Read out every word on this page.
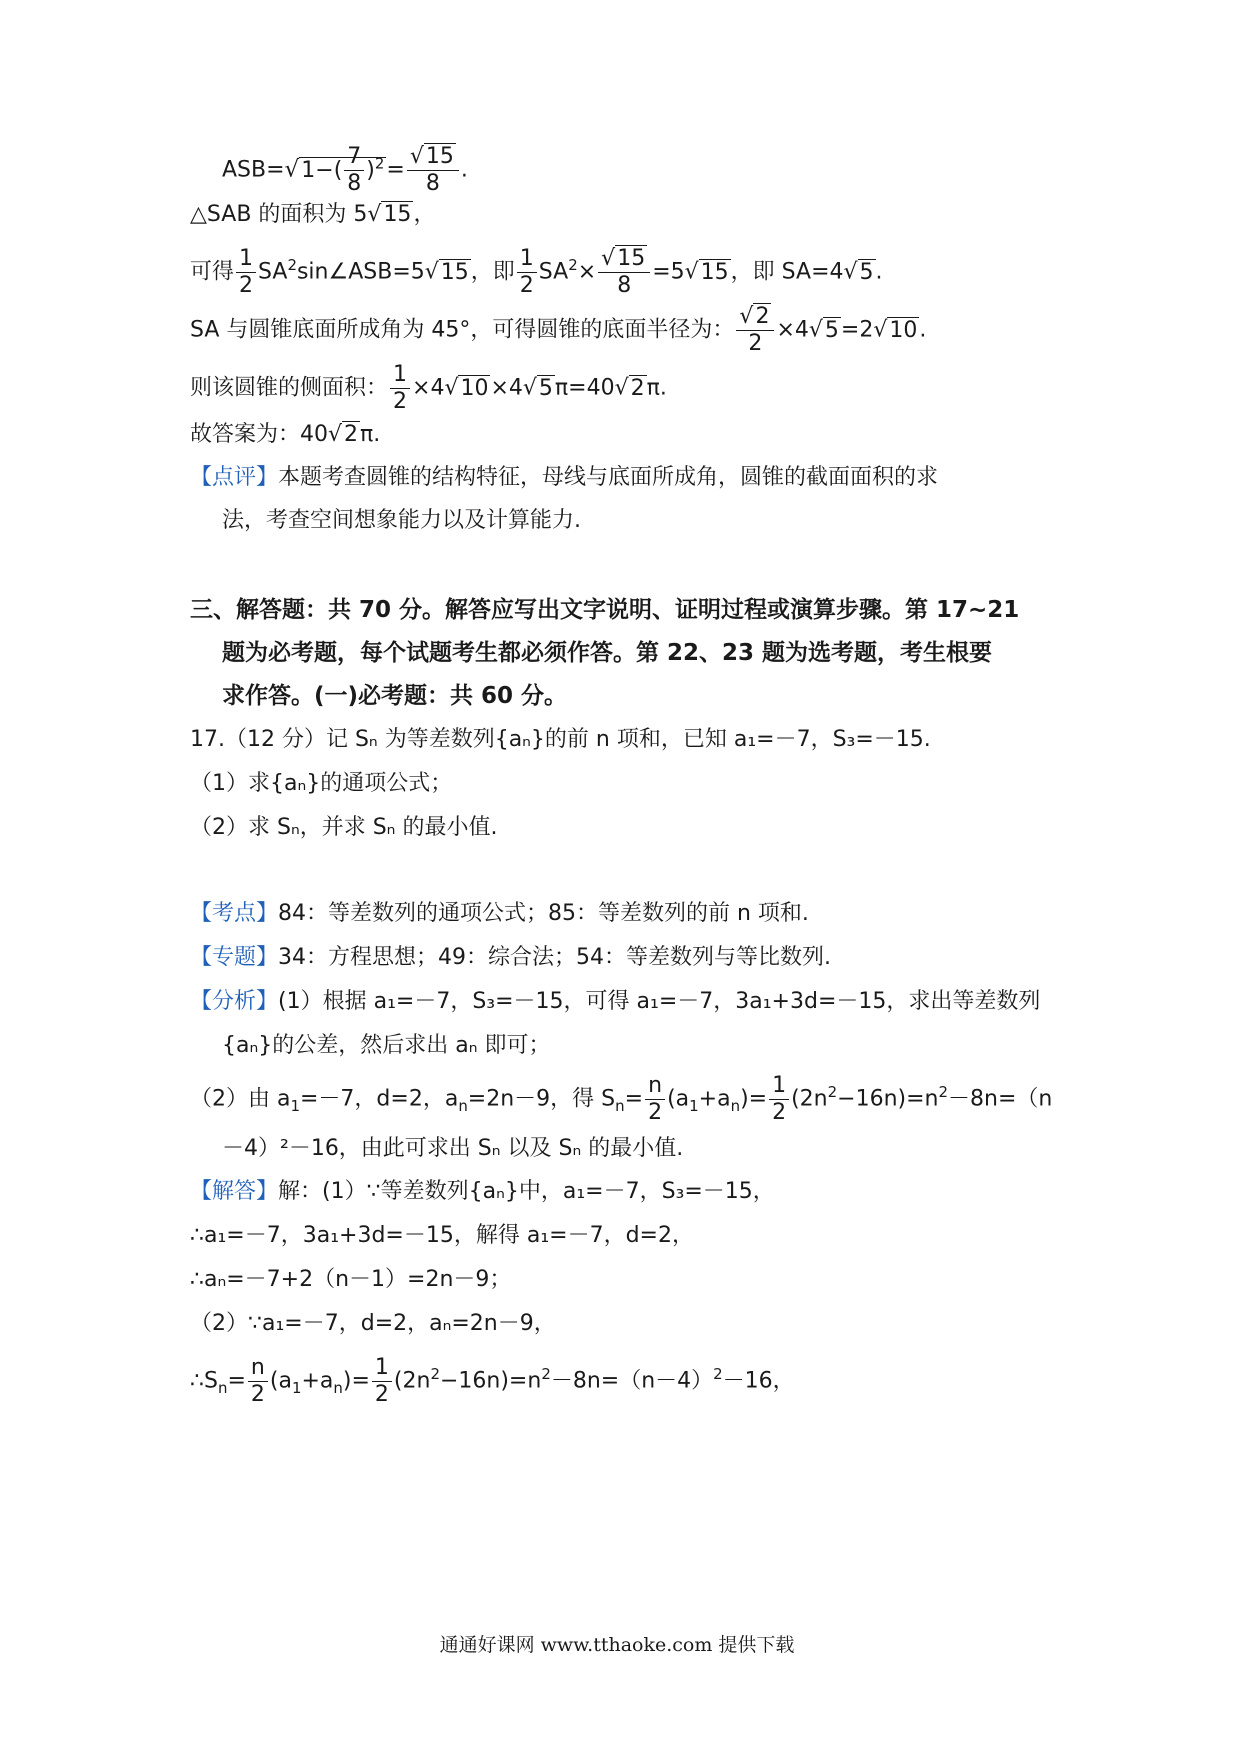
$ASB=√1-( \frac{7}{8} )^2= \frac{√15}{8}$ .
△SAB 的面积为 5√15，
可得 $\frac{1}{2}$ $SA^2\sin\angle ASB=5√15$，即 $\frac{1}{2} SA^2\times \frac{√15}{8} =5√15$，即 SA=4√5.
SA 与圆锥底面所成角为 45°，可得圆锥的底面半径为： $\frac{√2}{2} \times 4√5=2√10$.
则该圆锥的侧面积： $\frac{1}{2} \times 4√10\times 4√5\pi=40√2\pi$.
故答案为：40√2π.
【点评】本题考查圆锥的结构特征，母线与底面所成角，圆锥的截面面积的求
法，考查空间想象能力以及计算能力.
三、解答题：共 70 分。解答应写出文字说明、证明过程或演算步骤。第 17~21
题为必考题，每个试题考生都必须作答。第 22、23 题为选考题，考生根要
求作答。(一)必考题：共 60 分。
17.（12 分）记 Sₙ 为等差数列{aₙ}的前 n 项和，已知 a₁=－7，S₃=－15.
（1）求{aₙ}的通项公式；
（2）求 Sₙ，并求 Sₙ 的最小值.
【考点】84：等差数列的通项公式；85：等差数列的前 n 项和.
【专题】34：方程思想；49：综合法；54：等差数列与等比数列.
【分析】(1）根据 a₁=－7，S₃=－15，可得 a₁=－7，3a₁+3d=－15，求出等差数列
{aₙ}的公差，然后求出 aₙ 即可；
（2）由 $a_1=-7$，d=2，$a_n=2n-9$，得 $S_n= \frac{n}{2} (a_1+a_n)= \frac{1}{2} (2n^2-16n)=n^2-8n=(n$
－4）²－16，由此可求出 Sₙ 以及 Sₙ 的最小值.
【解答】解：(1）∵等差数列{aₙ}中，a₁=－7，S₃=－15，
∴a₁=－7，3a₁+3d=－15，解得 a₁=－7，d=2，
∴aₙ=－7+2（n－1）=2n－9；
（2）∵a₁=－7，d=2，aₙ=2n－9，
$\therefore S_n= \frac{n}{2} (a_1+a_n)= \frac{1}{2} (2n^2-16n)=n^2-8n=(n-4)^2-16$，
通通好课网 www.tthaoke.com 提供下载
